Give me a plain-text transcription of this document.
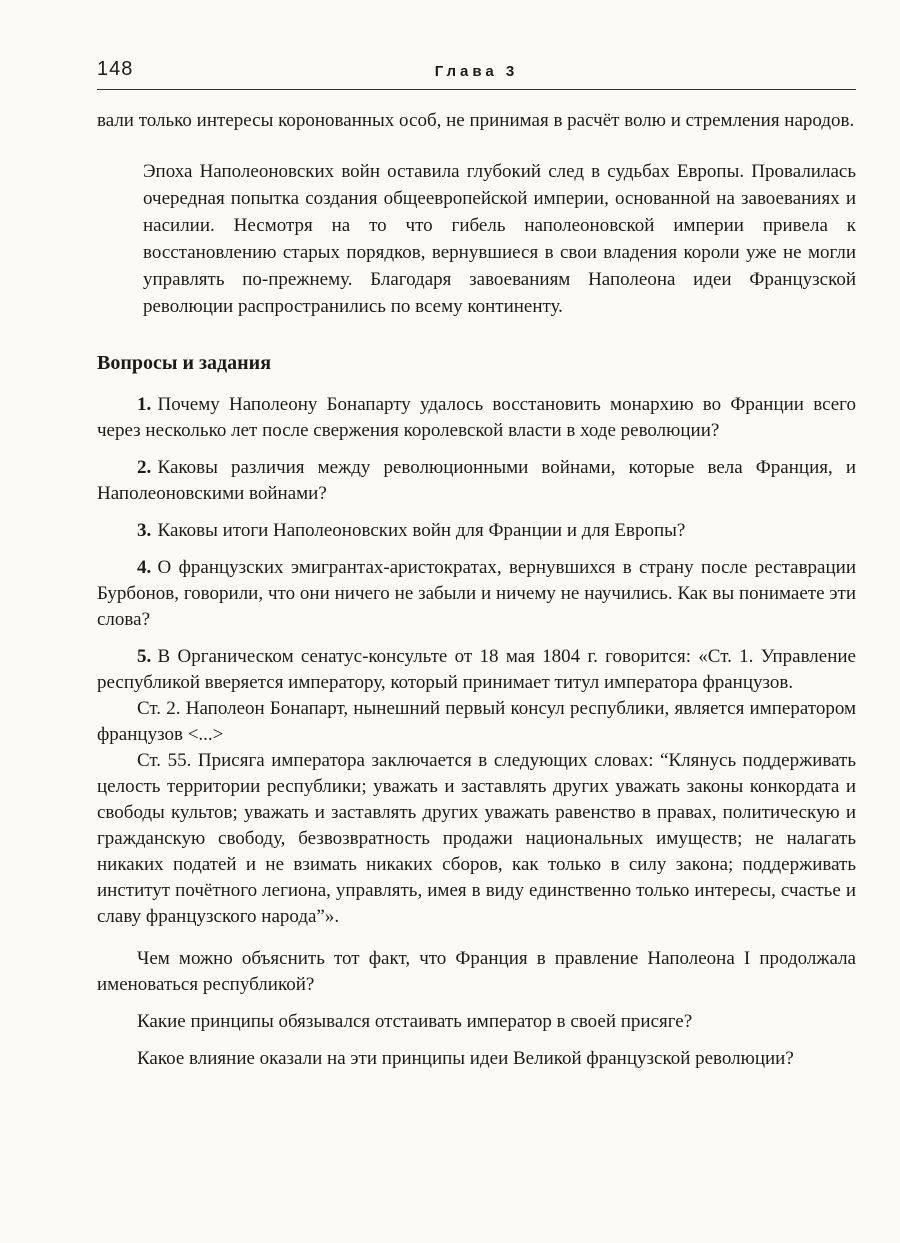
148	Глава 3

вали только интересы коронованных особ, не принимая в расчёт волю и стремления народов.

Эпоха Наполеоновских войн оставила глубокий след в судьбах Европы. Провалилась очередная попытка создания общеевропейской империи, основанной на завоеваниях и насилии. Несмотря на то что гибель наполеоновской империи привела к восстановлению старых порядков, вернувшиеся в свои владения короли уже не могли управлять по-прежнему. Благодаря завоеваниям Наполеона идеи Французской революции распространились по всему континенту.

Вопросы и задания

1. Почему Наполеону Бонапарту удалось восстановить монархию во Франции всего через несколько лет после свержения королевской власти в ходе революции?

2. Каковы различия между революционными войнами, которые вела Франция, и Наполеоновскими войнами?

3. Каковы итоги Наполеоновских войн для Франции и для Европы?

4. О французских эмигрантах-аристократах, вернувшихся в страну после реставрации Бурбонов, говорили, что они ничего не забыли и ничему не научились. Как вы понимаете эти слова?

5. В Органическом сенатус-консульте от 18 мая 1804 г. говорится: «Ст. 1. Управление республикой вверяется императору, который принимает титул императора французов.

Ст. 2. Наполеон Бонапарт, нынешний первый консул республики, является императором французов <...>

Ст. 55. Присяга императора заключается в следующих словах: “Клянусь поддерживать целость территории республики; уважать и заставлять других уважать законы конкордата и свободы культов; уважать и заставлять других уважать равенство в правах, политическую и гражданскую свободу, безвозвратность продажи национальных имуществ; не налагать никаких податей и не взимать никаких сборов, как только в силу закона; поддерживать институт почётного легиона, управлять, имея в виду единственно только интересы, счастье и славу французского народа”».

Чем можно объяснить тот факт, что Франция в правление Наполеона I продолжала именоваться республикой?

Какие принципы обязывался отстаивать император в своей присяге?

Какое влияние оказали на эти принципы идеи Великой французской революции?
